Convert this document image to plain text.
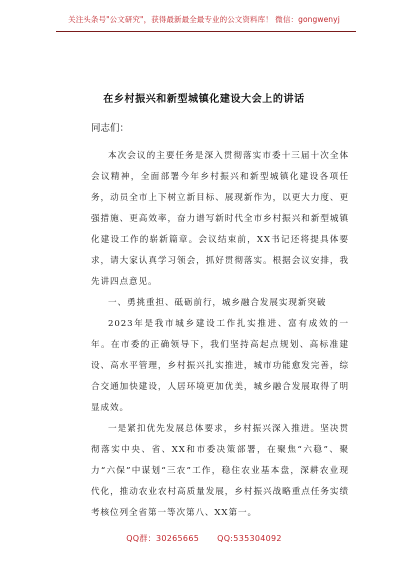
关注头条号"公文研究"，获得最新最全最专业的公文资料库！ 微信：gongwenyj
在乡村振兴和新型城镇化建设大会上的讲话
同志们：

本次会议的主要任务是深入贯彻落实市委十三届十次全体会议精神，全面部署今年乡村振兴和新型城镇化建设各项任务，动员全市上下树立新目标、展现新作为，以更大力度、更强措施、更高效率，奋力谱写新时代全市乡村振兴和新型城镇化建设工作的崭新篇章。会议结束前，XX书记还将提具体要求，请大家认真学习领会，抓好贯彻落实。根据会议安排，我先讲四点意见。

一、勇挑重担、砥砺前行，城乡融合发展实现新突破

2023年是我市城乡建设工作扎实推进、富有成效的一年。在市委的正确领导下，我们坚持高起点规划、高标准建设、高水平管理，乡村振兴扎实推进，城市功能愈发完善，综合交通加快建设，人居环境更加优美，城乡融合发展取得了明显成效。

一是紧扣优先发展总体要求，乡村振兴深入推进。坚决贯彻落实中央、省、XX和市委决策部署，在聚焦“六稳”、聚力“六保”中谋划“三农”工作，稳住农业基本盘，深耕农业现代化，推动农业农村高质量发展，乡村振兴战略重点任务实绩考核位列全省第一等次第八、XX第一。

QQ群：30265665 QQ:535304092
